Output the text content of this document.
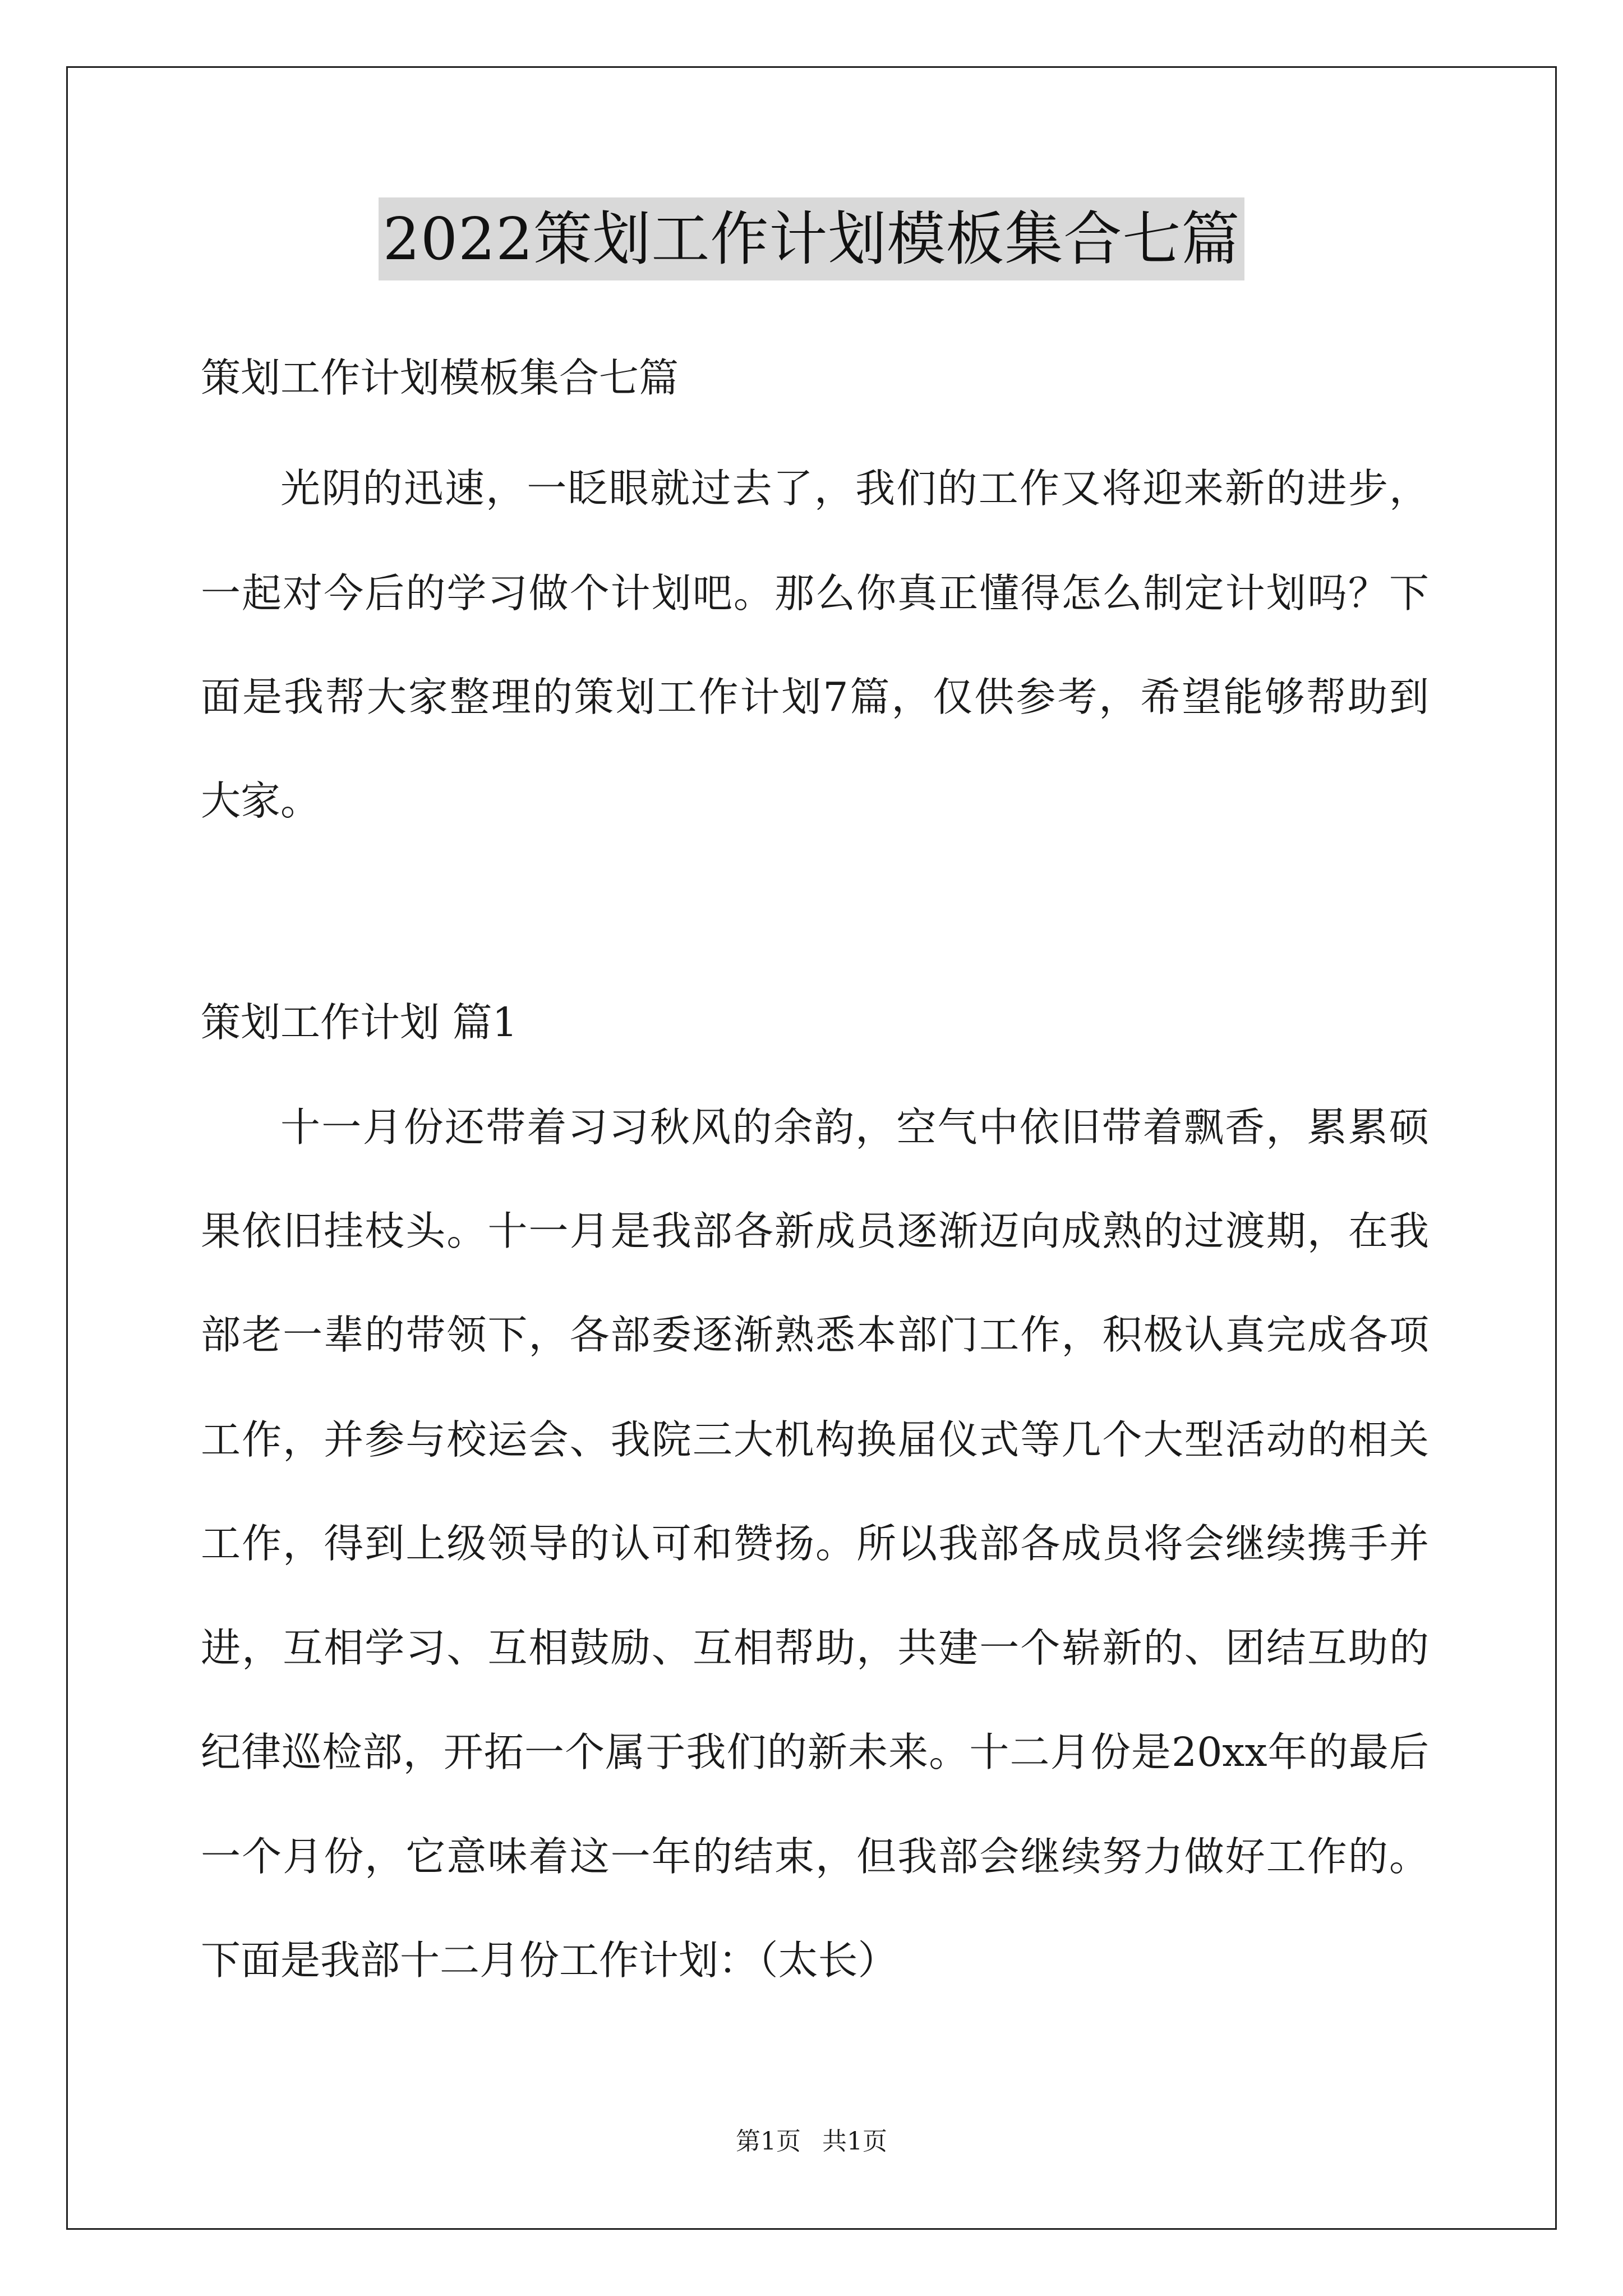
2022策划工作计划模板集合七篇
策划工作计划模板集合七篇
光阴的迅速，一眨眼就过去了，我们的工作又将迎来新的进步，
一起对今后的学习做个计划吧。那么你真正懂得怎么制定计划吗？下
面是我帮大家整理的策划工作计划7篇，仅供参考，希望能够帮助到
大家。
策划工作计划 篇1
十一月份还带着习习秋风的余韵，空气中依旧带着飘香，累累硕
果依旧挂枝头。十一月是我部各新成员逐渐迈向成熟的过渡期，在我
部老一辈的带领下，各部委逐渐熟悉本部门工作，积极认真完成各项
工作，并参与校运会、我院三大机构换届仪式等几个大型活动的相关
工作，得到上级领导的认可和赞扬。所以我部各成员将会继续携手并
进，互相学习、互相鼓励、互相帮助，共建一个崭新的、团结互助的
纪律巡检部，开拓一个属于我们的新未来。十二月份是20xx年的最后
一个月份，它意味着这一年的结束，但我部会继续努力做好工作的。
下面是我部十二月份工作计划：（太长）
第1页 共1页
